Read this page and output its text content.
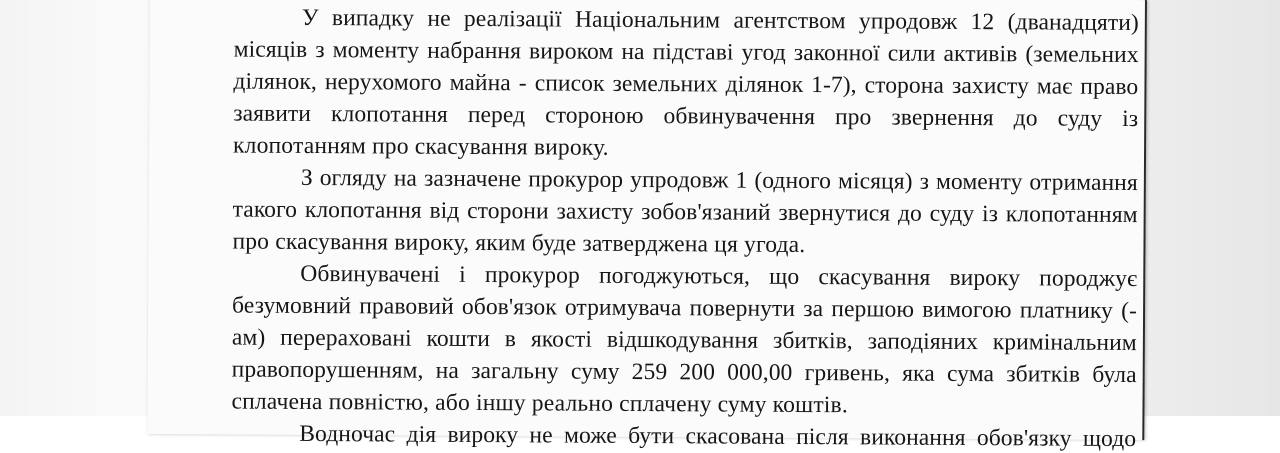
У випадку не реалізації Національним агентством упродовж 12 (дванадцяти)
місяців з моменту набрання вироком на підставі угод законної сили активів (земельних
ділянок, нерухомого майна - список земельних ділянок 1-7), сторона захисту має право
заявити клопотання перед стороною обвинувачення про звернення до суду із
клопотанням про скасування вироку.
З огляду на зазначене прокурор упродовж 1 (одного місяця) з моменту отримання
такого клопотання від сторони захисту зобов'язаний звернутися до суду із клопотанням
про скасування вироку, яким буде затверджена ця угода.
Обвинувачені і прокурор погоджуються, що скасування вироку породжує
безумовний правовий обов'язок отримувача повернути за першою вимогою платнику (-
ам) перераховані кошти в якості відшкодування збитків, заподіяних кримінальним
правопорушенням, на загальну суму 259 200 000,00 гривень, яка сума збитків була
сплачена повністю, або іншу реально сплачену суму коштів.
Водночас дія вироку не може бути скасована після виконання обов'язку щодо
